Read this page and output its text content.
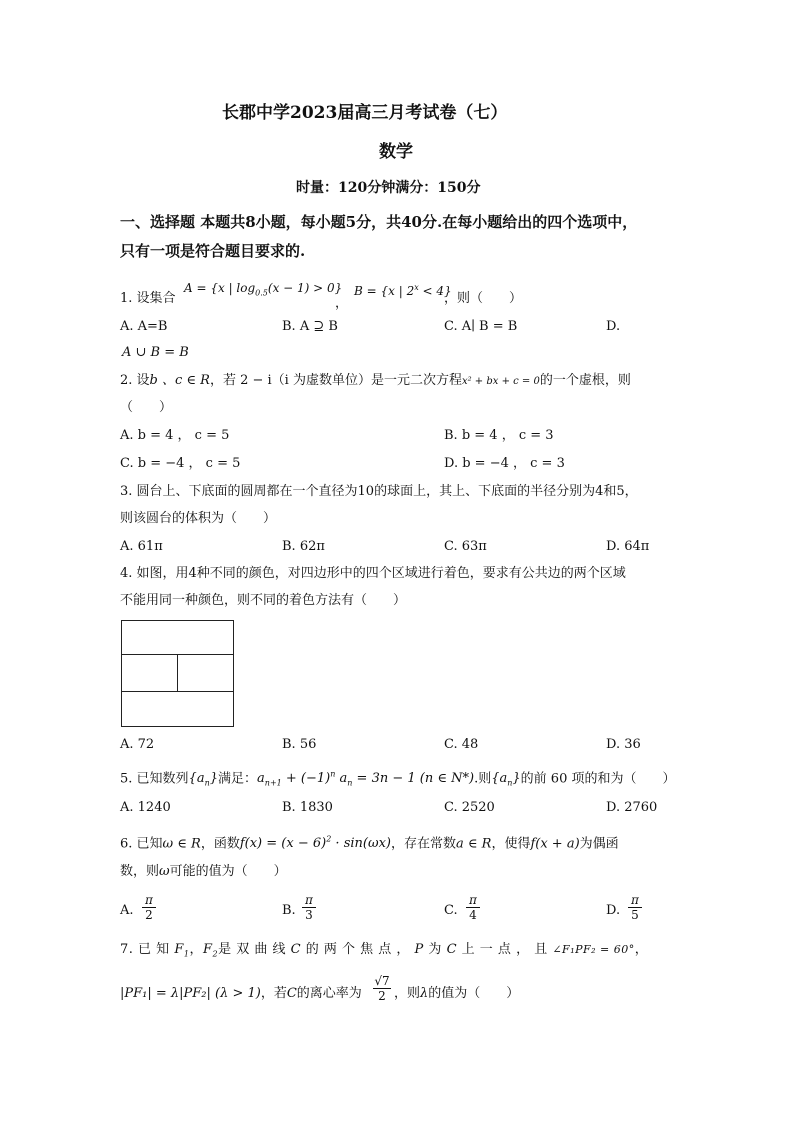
长郡中学2023届高三月考试卷（七）
数学
时量：120分钟满分：150分
一、选择题 本题共8小题，每小题5分，共40分.在每小题给出的四个选项中，
只有一项是符合题目要求的.
1. 设集合
A = {x | $\log_{0.5}(x - 1) > 0$}
，
B = {x | $2^x < 4$}
，则（　　）
A. A=B	B. A ⊇ B	C. A∣ B = B	D.
A ∪ B = B
2. 设b 、c ∈ R，若 2 − i（i 为虚数单位）是一元二次方程x² + bx + c = 0的一个虚根，则
（　　）
A. b = 4 ， c = 5	B. b = 4 ， c = 3
C. b = −4 ， c = 5	D. b = −4 ， c = 3
3. 圆台上、下底面的圆周都在一个直径为10的球面上，其上、下底面的半径分别为4和5，
则该圆台的体积为（　　）
A. 61π	B. 62π	C. 63π	D. 64π
4. 如图，用4种不同的颜色，对四边形中的四个区域进行着色，要求有公共边的两个区域
不能用同一种颜色，则不同的着色方法有（　　）
A. 72	B. 56	C. 48	D. 36
5. 已知数列$\{a_n\}$满足：$a_{n+1} + (-1)^n$ $a_n = 3n - 1$ (n ∈ N*).则$\{a_n\}$的前 60 项的和为（　　）
A. 1240	B. 1830	C. 2520	D. 2760
6. 已知ω ∈ R，函数$f(x) = (x - 6)^2 \cdot \sin(\omega x)$，存在常数a ∈ R，使得f(x + a)为偶函
数，则ω可能的值为（　　）
A. $\frac{\pi}{2}$	B. $\frac{\pi}{3}$	C. $\frac{\pi}{4}$	D. $\frac{\pi}{5}$
7. 已 知 $F_1$，$F_2$是 双 曲 线 C 的 两 个 焦 点 ， P 为 C 上 一 点 ， 且 ∠F₁PF₂ = 60°，
|PF₁| = λ|PF₂| (λ > 1)，若C的离心率为 $\frac{√7}{2}$ ，则λ的值为（　　）
